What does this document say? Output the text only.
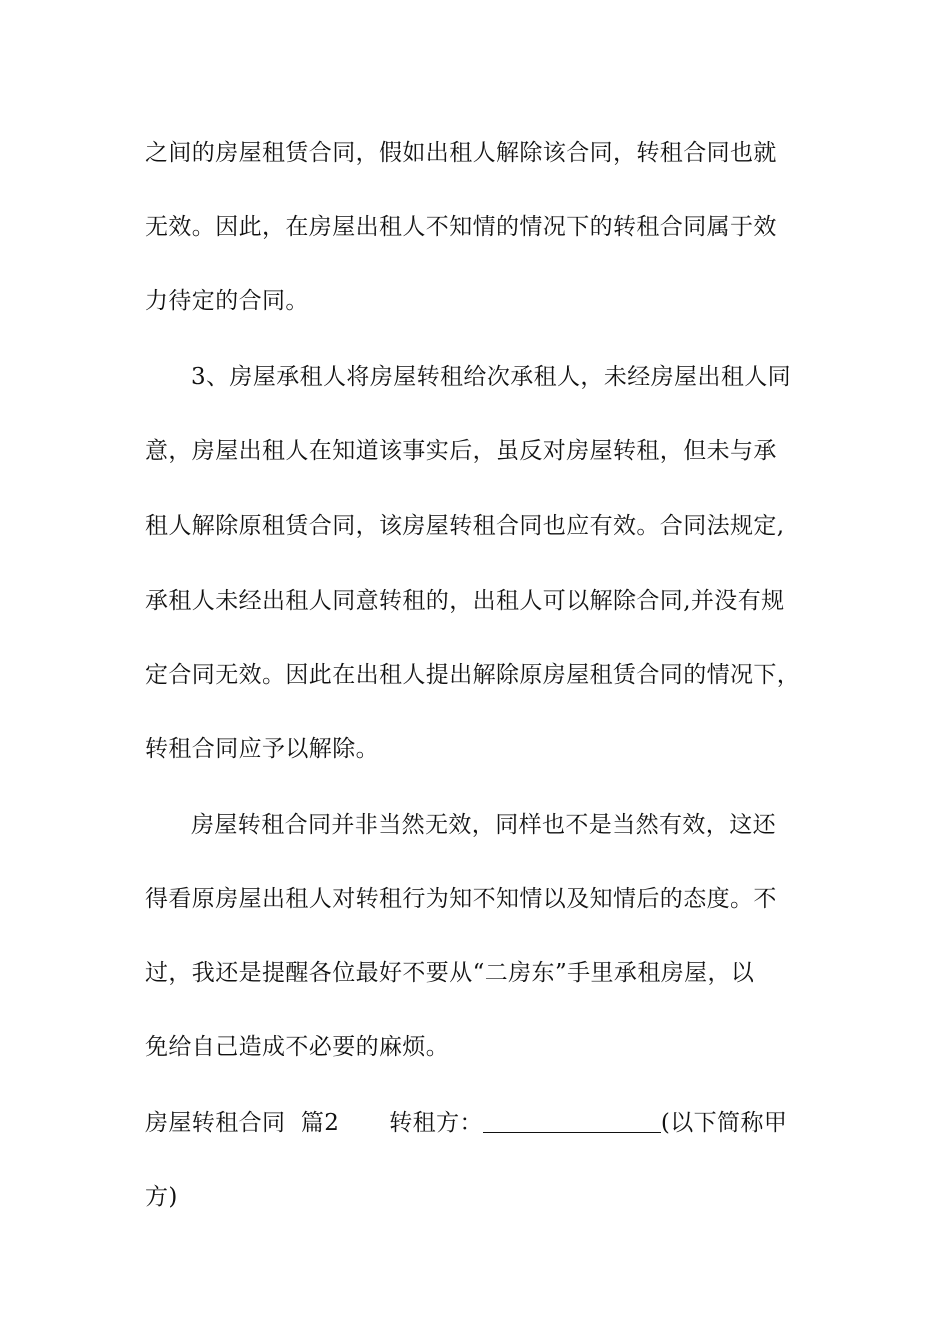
之间的房屋租赁合同，假如出租人解除该合同，转租合同也就
无效。因此，在房屋出租人不知情的情况下的转租合同属于效
力待定的合同。
3、房屋承租人将房屋转租给次承租人，未经房屋出租人同
意，房屋出租人在知道该事实后，虽反对房屋转租，但未与承
租人解除原租赁合同，该房屋转租合同也应有效。合同法规定,
承租人未经出租人同意转租的，出租人可以解除合同,并没有规
定合同无效。因此在出租人提出解除原房屋租赁合同的情况下，
转租合同应予以解除。
房屋转租合同并非当然无效，同样也不是当然有效，这还
得看原房屋出租人对转租行为知不知情以及知情后的态度。不
过，我还是提醒各位最好不要从“二房东”手里承租房屋，以
免给自己造成不必要的麻烦。
房屋转租合同  篇2 转租方：	(以下简称甲
方)
